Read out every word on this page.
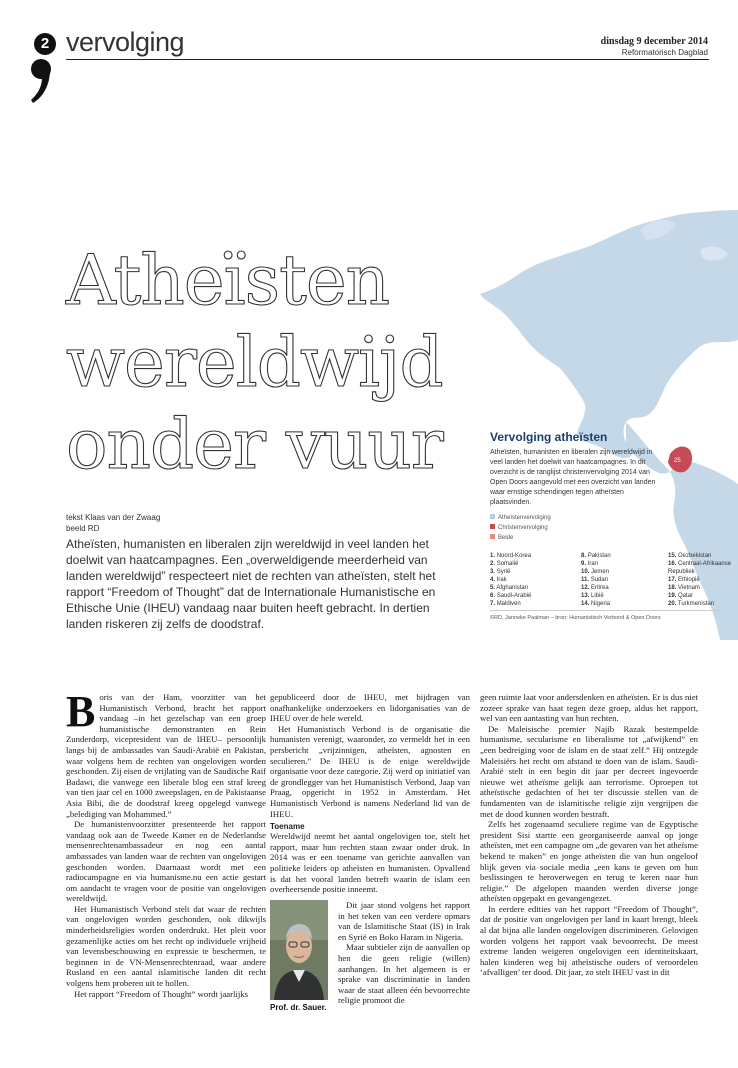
2 vervolging	dinsdag 9 december 2014
Reformatorisch Dagblad
25
Atheïsten
wereldwijd
onder vuur
tekst Klaas van der Zwaag
beeld RD
Atheïsten, humanisten en liberalen zijn wereldwijd in veel landen het doelwit van haatcampagnes. Een „overweldigende meerderheid van landen wereldwijd” respecteert niet de rechten van atheïsten, stelt het rapport “Freedom of Thought” dat de Internationale Humanistische en Ethische Unie (IHEU) vandaag naar buiten heeft gebracht. In dertien landen riskeren zij zelfs de doodstraf.
Vervolging atheïsten
Atheïsten, humanisten en liberalen zijn wereldwijd in veel landen het doelwit van haatcampagnes. In dit overzicht is de ranglijst christenvervolging 2014 van Open Doors aangevuld met een overzicht van landen waar ernstige schendingen tegen atheïsten plaatsvinden.
Atheïstenvervolging
Christenvervolging
Beide
1. Noord-Korea
2. Somalië
3. Syrië
4. Irak
5. Afghanistan
6. Saudi-Arabië
7. Maldiven
8. Pakistan
9. Iran
10. Jemen
11. Sudan
12. Eritrea
13. Libië
14. Nigeria
15. Oezbekistan
16. Centraal-Afrikaanse Republiek
17. Ethiopië
18. Vietnam
19. Qatar
20. Turkmenistan
©RD, Janneke Paalman – bron: Humanistisch Verbond & Open Doors
B oris van der Ham, voorzitter van het Humanistisch Verbond, bracht het rapport vandaag –in het gezelschap van een groep humanistische demonstranten en Rein Zunderdorp, vicepresident van de IHEU– persoonlijk langs bij de ambassades van Saudi-Arabië en Pakistan, waar volgens hem de rechten van ongelovigen worden geschonden. Zij eisen de vrijlating van de Saudische Raif Badawi, die vanwege een liberale blog een straf kreeg van tien jaar cel en 1000 zweepslagen, en de Pakistaanse Asia Bibi, die de doodstraf kreeg opgelegd vanwege „belediging van Mohammed.”

De humanistenvoorzitter presenteerde het rapport vandaag ook aan de Tweede Kamer en de Nederlandse mensenrechtenambassadeur en nog een aantal ambassades van landen waar de rechten van ongelovigen geschonden worden. Daarnaast wordt met een radiocampagne en via humanisme.nu een actie gestart om aandacht te vragen voor de positie van ongelovigen wereldwijd.

Het Humanistisch Verbond stelt dat waar de rechten van ongelovigen worden geschonden, ook dikwijls minderheidsreligies worden onderdrukt. Het pleit voor gezamenlijke acties om het recht op individuele vrijheid van levensbeschouwing en expressie te beschermen, te beginnen in de VN-Mensenrechtenraad, waar andere Rusland en een aantal islamitische landen dit recht volgens hem proberen uit te hollen.

Het rapport “Freedom of Thought” wordt jaarlijks

gepubliceerd door de IHEU, met bijdragen van onafhankelijke onderzoekers en lidorganisaties van de IHEU over de hele wereld.

Het Humanistisch Verbond is de organisatie die humanisten verenigt, waaronder, zo vermeldt het in een persbericht „vrijzinnigen, atheïsten, agnosten en seculieren.” De IHEU is de enige wereldwijde organisatie voor deze categorie. Zij werd op initiatief van de grondlegger van het Humanistisch Verbond, Jaap van Praag, opgericht in 1952 in Amsterdam. Het Humanistisch Verbond is namens Nederland lid van de IHEU.

Toename

Wereldwijd neemt het aantal ongelovigen toe, stelt het rapport, maar hun rechten staan zwaar onder druk. In 2014 was er een toename van gerichte aanvallen van politieke leiders op atheïsten en humanisten. Opvallend is dat het vooral landen betreft waarin de islam een overheersende positie inneemt.

Prof. dr. Sauer.

Dit jaar stond volgens het rapport in het teken van een verdere opmars van de Islamitische Staat (IS) in Irak en Syrië en Boko Haram in Nigeria.

Maar subtieler zijn de aanvallen op hen die geen religie (willen) aanhangen. In het algemeen is er sprake van discriminatie in landen waar de staat alleen één bevoorrechte religie promoot die

geen ruimte laat voor andersdenken en atheïsten. Er is dus niet zozeer sprake van haat tegen deze groep, aldus het rapport, wel van een aantasting van hun rechten.

De Maleisische premier Najib Razak bestempelde humanisme, secularisme en liberalisme tot „afwijkend” en „een bedreiging voor de islam en de staat zelf.” Hij ontzegde Maleisiërs het recht om afstand te doen van de islam. Saudi-Arabië stelt in een begin dit jaar per decreet ingevoerde nieuwe wet atheïsme gelijk aan terrorisme. Oproepen tot atheïstische gedachten of het ter discussie stellen van de fundamenten van de islamitische religie zijn vergrijpen die met de dood kunnen worden bestraft.

Zelfs het zogenaamd seculiere regime van de Egyptische president Sisi startte een georganiseerde aanval op jonge atheïsten, met een campagne om „de gevaren van het atheïsme bekend te maken” en jonge atheïsten die van hun ongeloof blijk geven via sociale media „een kans te geven om hun beslissingen te heroverwegen en terug te keren naar hun religie.” De afgelopen maanden werden diverse jonge atheïsten opgepakt en gevangengezet.

In eerdere edities van het rapport “Freedom of Thought”, dat de positie van ongelovigen per land in kaart brengt, bleek al dat bijna alle landen ongelovigen discrimineren. Gelovigen worden volgens het rapport vaak bevoorrecht. De meest extreme landen weigeren ongelovigen een identiteitskaart, halen kinderen weg bij atheïstische ouders of veroordelen ‘afvalligen’ ter dood. Dit jaar, zo stelt IHEU vast in dit
